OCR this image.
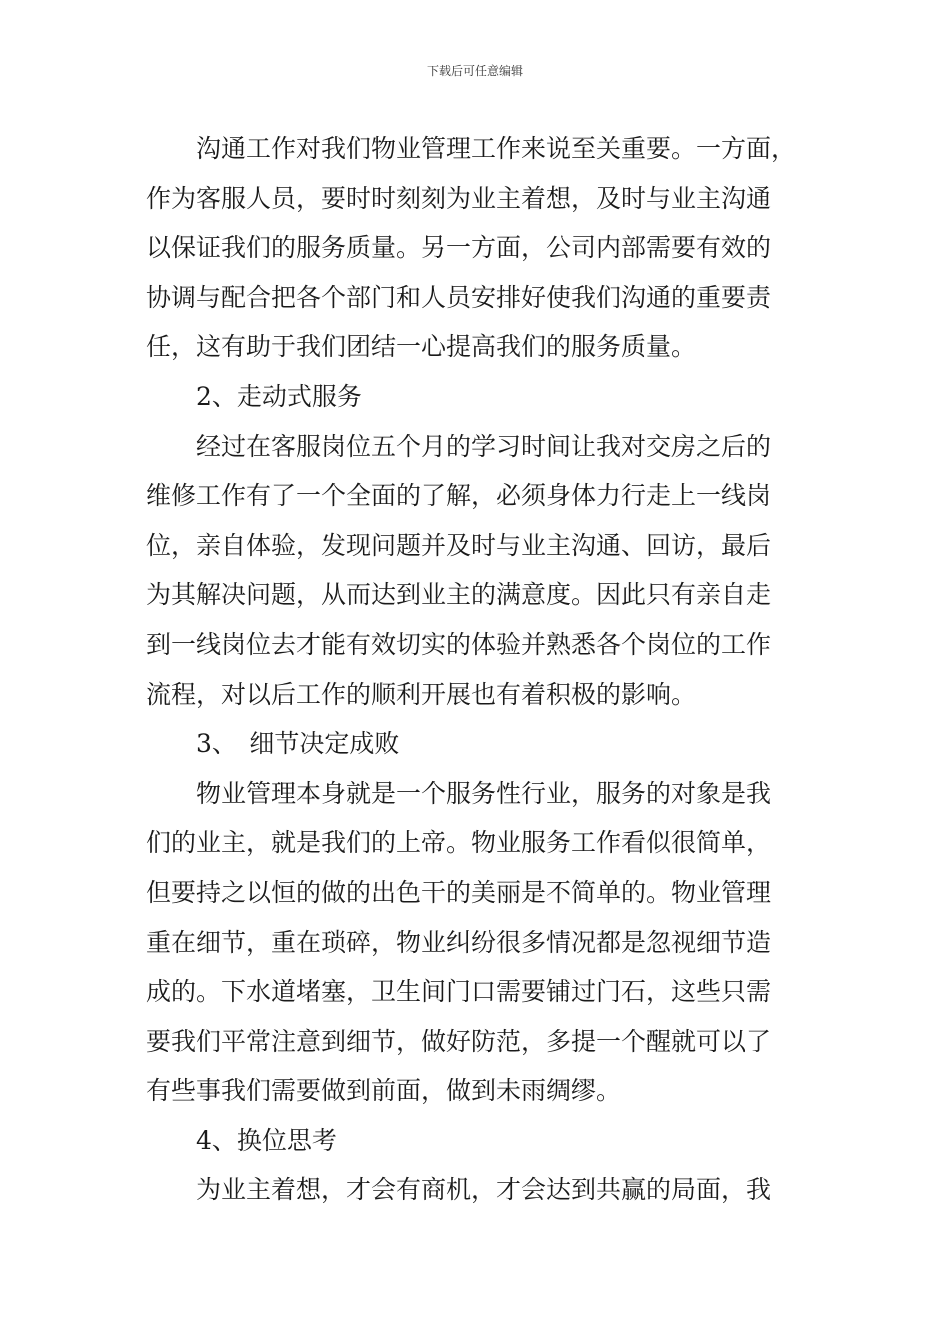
下载后可任意编辑
沟通工作对我们物业管理工作来说至关重要。一方面，
作为客服人员，要时时刻刻为业主着想，及时与业主沟通
以保证我们的服务质量。另一方面，公司内部需要有效的
协调与配合把各个部门和人员安排好使我们沟通的重要责
任，这有助于我们团结一心提高我们的服务质量。
2、走动式服务
经过在客服岗位五个月的学习时间让我对交房之后的
维修工作有了一个全面的了解，必须身体力行走上一线岗
位，亲自体验，发现问题并及时与业主沟通、回访，最后
为其解决问题，从而达到业主的满意度。因此只有亲自走
到一线岗位去才能有效切实的体验并熟悉各个岗位的工作
流程，对以后工作的顺利开展也有着积极的影响。
3、　细节决定成败
物业管理本身就是一个服务性行业，服务的对象是我
们的业主，就是我们的上帝。物业服务工作看似很简单，
但要持之以恒的做的出色干的美丽是不简单的。物业管理
重在细节，重在琐碎，物业纠纷很多情况都是忽视细节造
成的。下水道堵塞，卫生间门口需要铺过门石，这些只需
要我们平常注意到细节，做好防范，多提一个醒就可以了
有些事我们需要做到前面，做到未雨绸缪。
4、换位思考
为业主着想，才会有商机，才会达到共赢的局面，我
